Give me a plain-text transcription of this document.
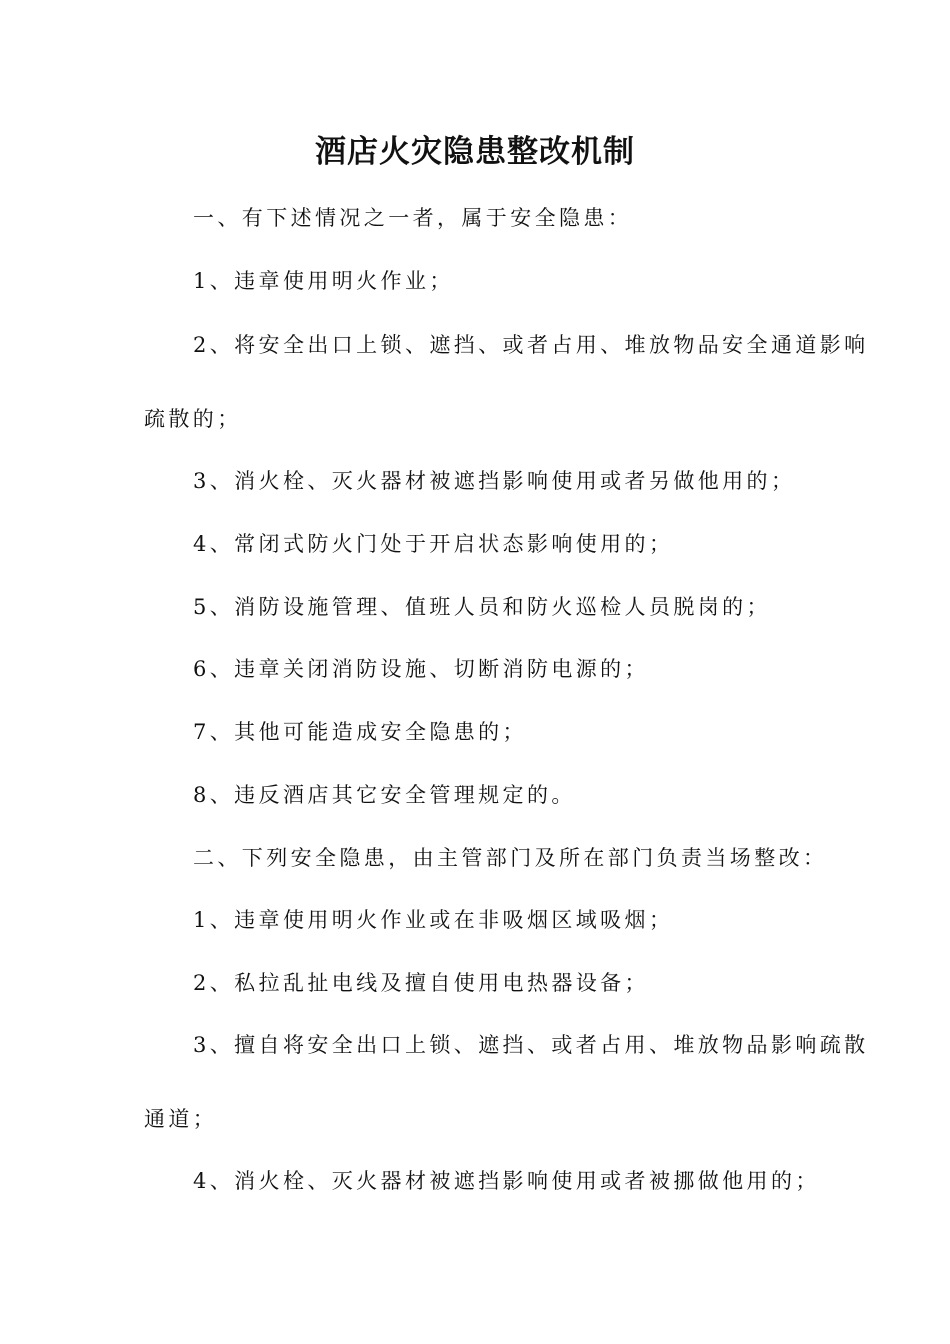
酒店火灾隐患整改机制
一、有下述情况之一者，属于安全隐患：
1、违章使用明火作业；
2、将安全出口上锁、遮挡、或者占用、堆放物品安全通道影响
疏散的；
3、消火栓、灭火器材被遮挡影响使用或者另做他用的；
4、常闭式防火门处于开启状态影响使用的；
5、消防设施管理、值班人员和防火巡检人员脱岗的；
6、违章关闭消防设施、切断消防电源的；
7、其他可能造成安全隐患的；
8、违反酒店其它安全管理规定的。
二、下列安全隐患，由主管部门及所在部门负责当场整改：
1、违章使用明火作业或在非吸烟区域吸烟；
2、私拉乱扯电线及擅自使用电热器设备；
3、擅自将安全出口上锁、遮挡、或者占用、堆放物品影响疏散
通道；
4、消火栓、灭火器材被遮挡影响使用或者被挪做他用的；
